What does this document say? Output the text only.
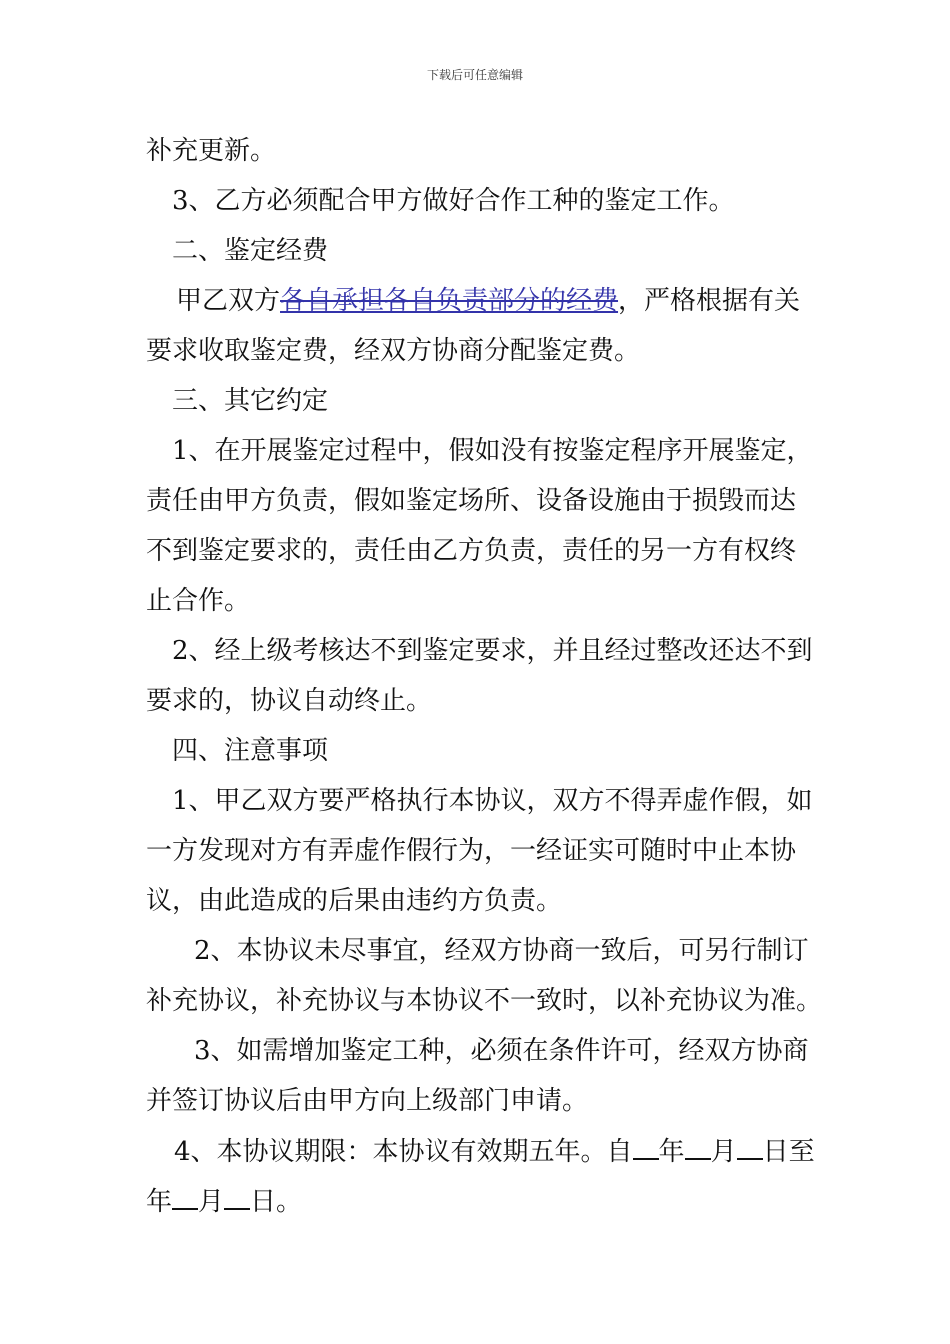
下载后可任意编辑
补充更新。
3、乙方必须配合甲方做好合作工种的鉴定工作。
二、鉴定经费
甲乙双方各自承担各自负责部分的经费，严格根据有关
要求收取鉴定费，经双方协商分配鉴定费。
三、其它约定
1、在开展鉴定过程中，假如没有按鉴定程序开展鉴定，
责任由甲方负责，假如鉴定场所、设备设施由于损毁而达
不到鉴定要求的，责任由乙方负责，责任的另一方有权终
止合作。
2、经上级考核达不到鉴定要求，并且经过整改还达不到
要求的，协议自动终止。
四、注意事项
1、甲乙双方要严格执行本协议，双方不得弄虚作假，如
一方发现对方有弄虚作假行为，一经证实可随时中止本协
议，由此造成的后果由违约方负责。
2、本协议未尽事宜，经双方协商一致后，可另行制订
补充协议，补充协议与本协议不一致时，以补充协议为准。
3、如需增加鉴定工种，必须在条件许可，经双方协商
并签订协议后由甲方向上级部门申请。
4、本协议期限：本协议有效期五年。自 年 月 日至
年 月 日。
